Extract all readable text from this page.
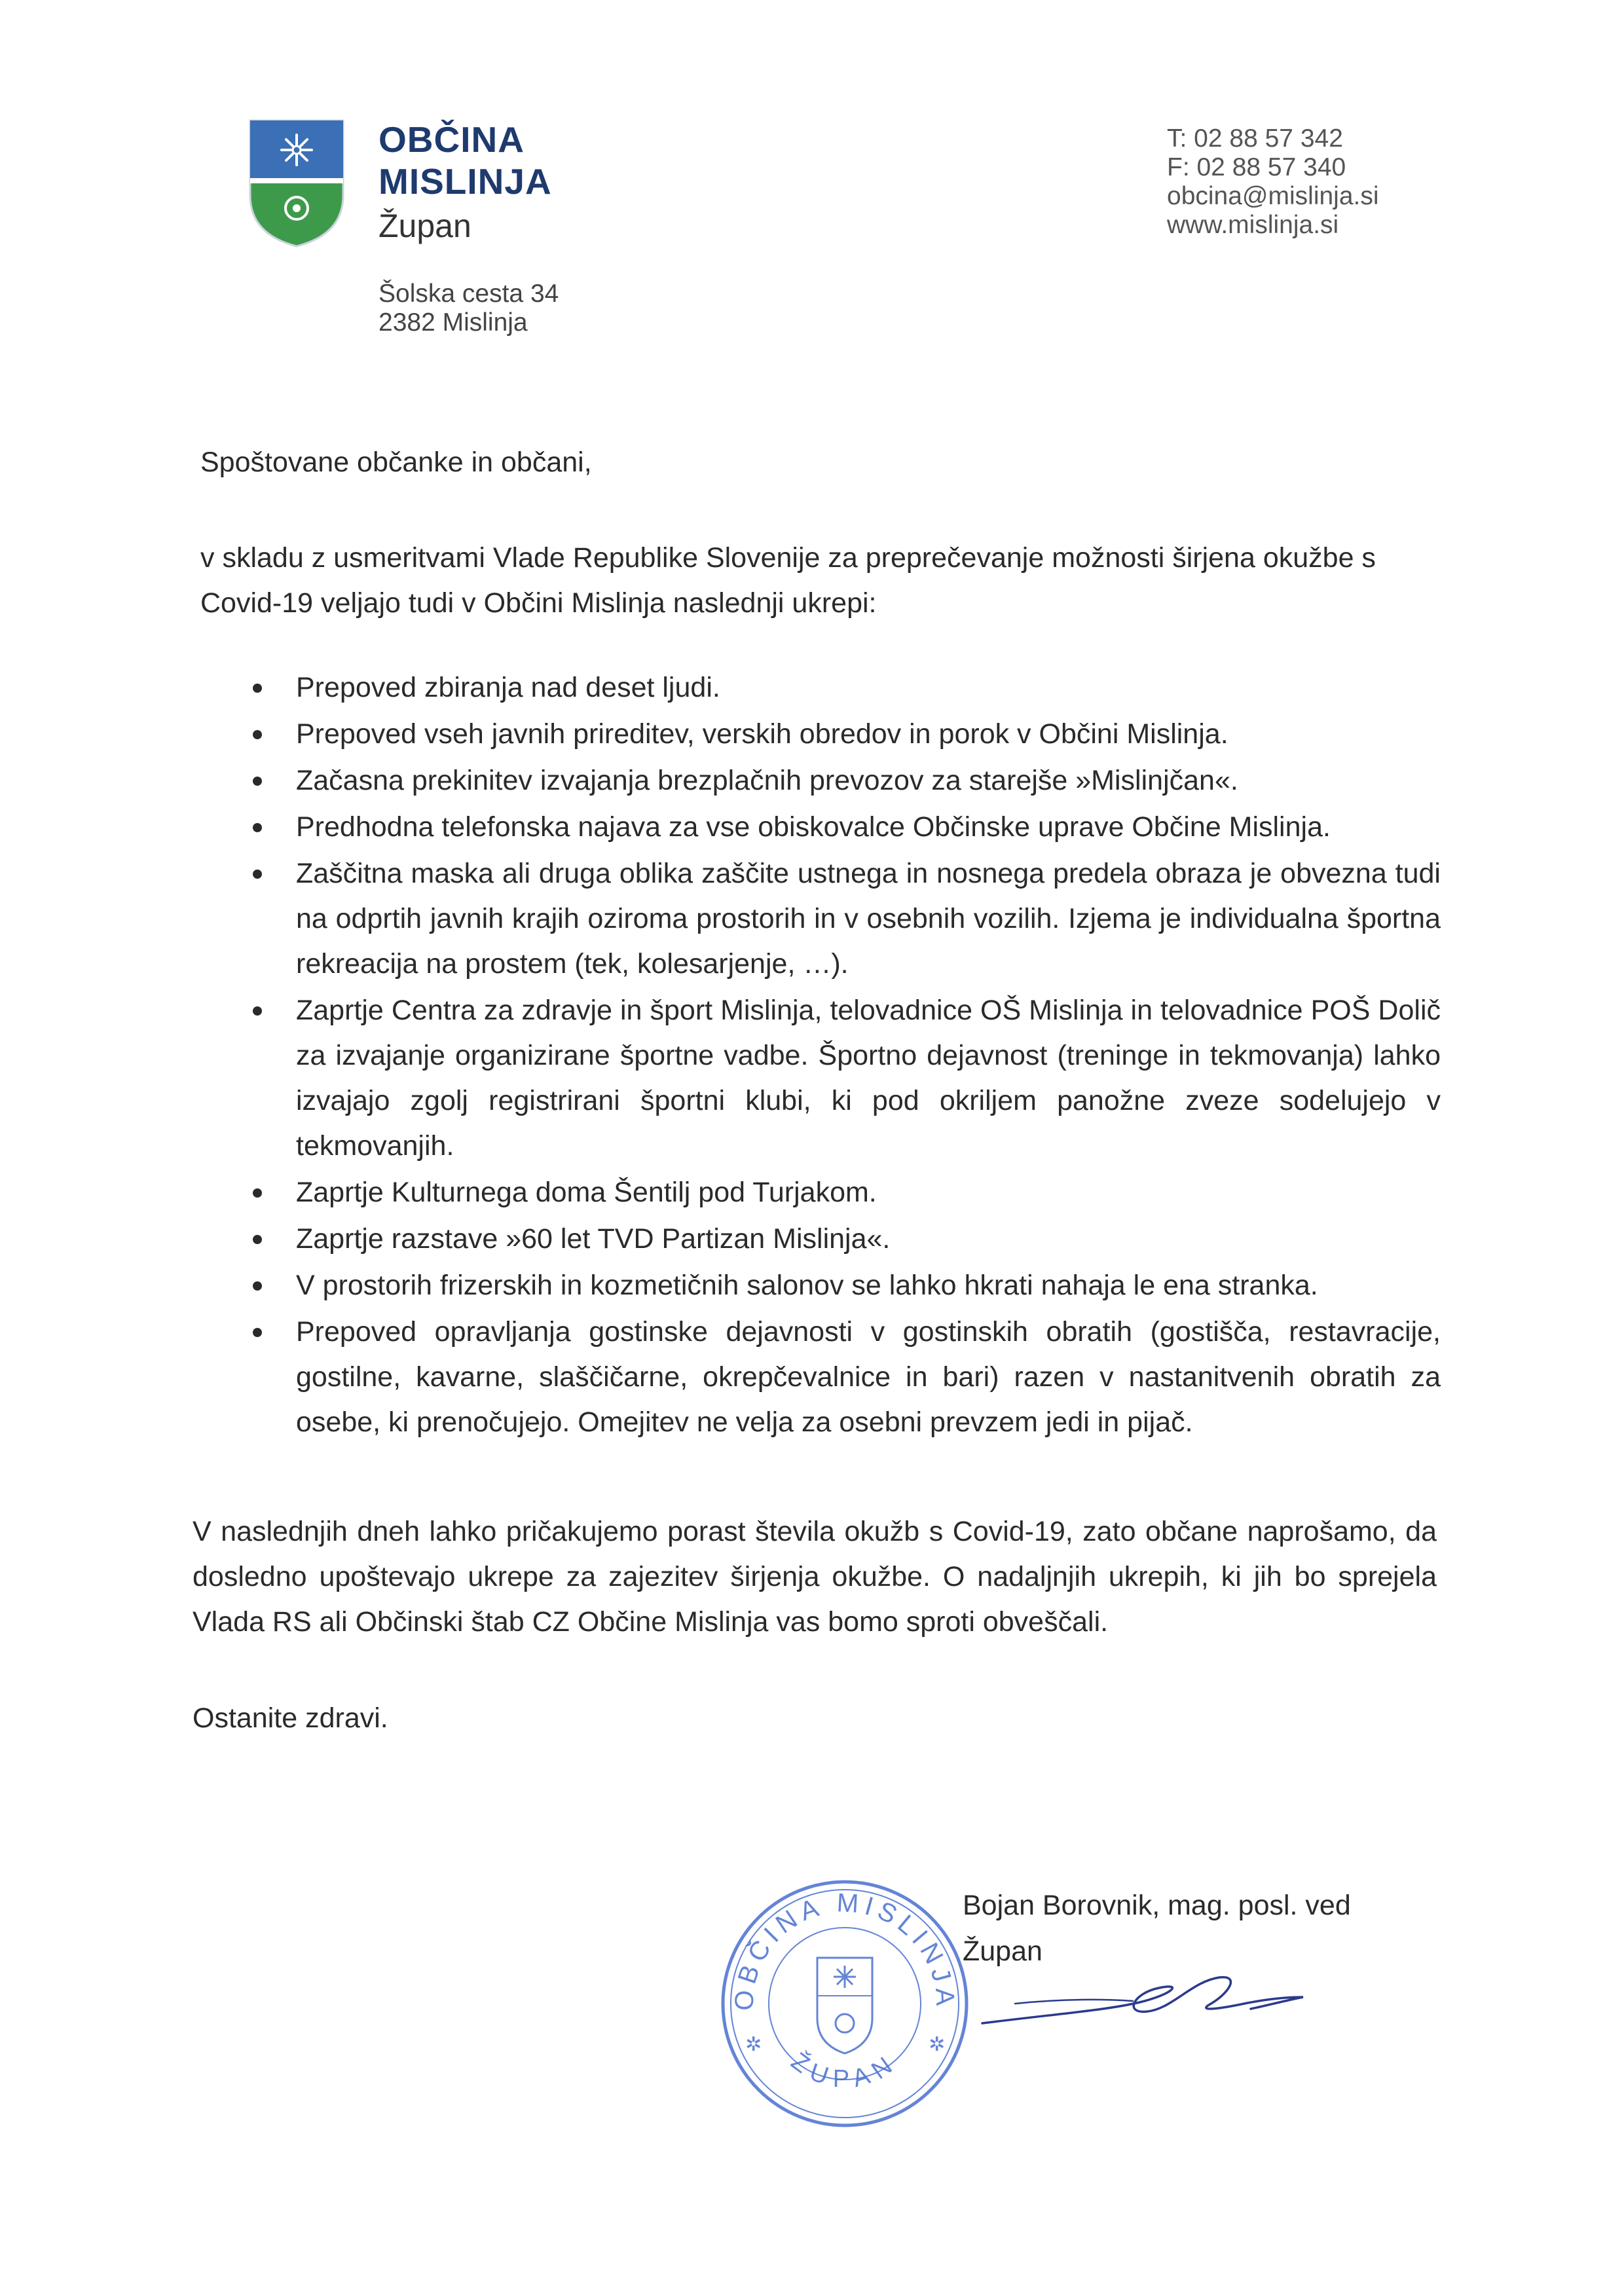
OBČINA
MISLINJA
Župan
Šolska cesta 34
2382 Mislinja
T: 02 88 57 342
F: 02 88 57 340
obcina@mislinja.si
www.mislinja.si
Spoštovane občanke in občani,
v skladu z usmeritvami Vlade Republike Slovenije za preprečevanje možnosti širjena okužbe s Covid-19 veljajo tudi v Občini Mislinja naslednji ukrepi:
Prepoved zbiranja nad deset ljudi.
Prepoved vseh javnih prireditev, verskih obredov in porok v Občini Mislinja.
Začasna prekinitev izvajanja brezplačnih prevozov za starejše »Mislinjčan«.
Predhodna telefonska najava za vse obiskovalce Občinske uprave Občine Mislinja.
Zaščitna maska ali druga oblika zaščite ustnega in nosnega predela obraza je obvezna tudi na odprtih javnih krajih oziroma prostorih in v osebnih vozilih. Izjema je individualna športna rekreacija na prostem (tek, kolesarjenje, …).
Zaprtje Centra za zdravje in šport Mislinja, telovadnice OŠ Mislinja in telovadnice POŠ Dolič za izvajanje organizirane športne vadbe. Športno dejavnost (treninge in tekmovanja) lahko izvajajo zgolj registrirani športni klubi, ki pod okriljem panožne zveze sodelujejo v tekmovanjih.
Zaprtje Kulturnega doma Šentilj pod Turjakom.
Zaprtje razstave »60 let TVD Partizan Mislinja«.
V prostorih frizerskih in kozmetičnih salonov se lahko hkrati nahaja le ena stranka.
Prepoved opravljanja gostinske dejavnosti v gostinskih obratih (gostišča, restavracije, gostilne, kavarne, slaščičarne, okrepčevalnice in bari) razen v nastanitvenih obratih za osebe, ki prenočujejo. Omejitev ne velja za osebni prevzem jedi in pijač.
V naslednjih dneh lahko pričakujemo porast števila okužb s Covid-19, zato občane naprošamo, da dosledno upoštevajo ukrepe za zajezitev širjenja okužbe. O nadaljnjih ukrepih, ki jih bo sprejela Vlada RS ali Občinski štab CZ Občine Mislinja vas bomo sproti obveščali.
Ostanite zdravi.
OBČINA MISLINJA
ŽUPAN
✲	✲
Bojan Borovnik, mag. posl. ved
Župan
